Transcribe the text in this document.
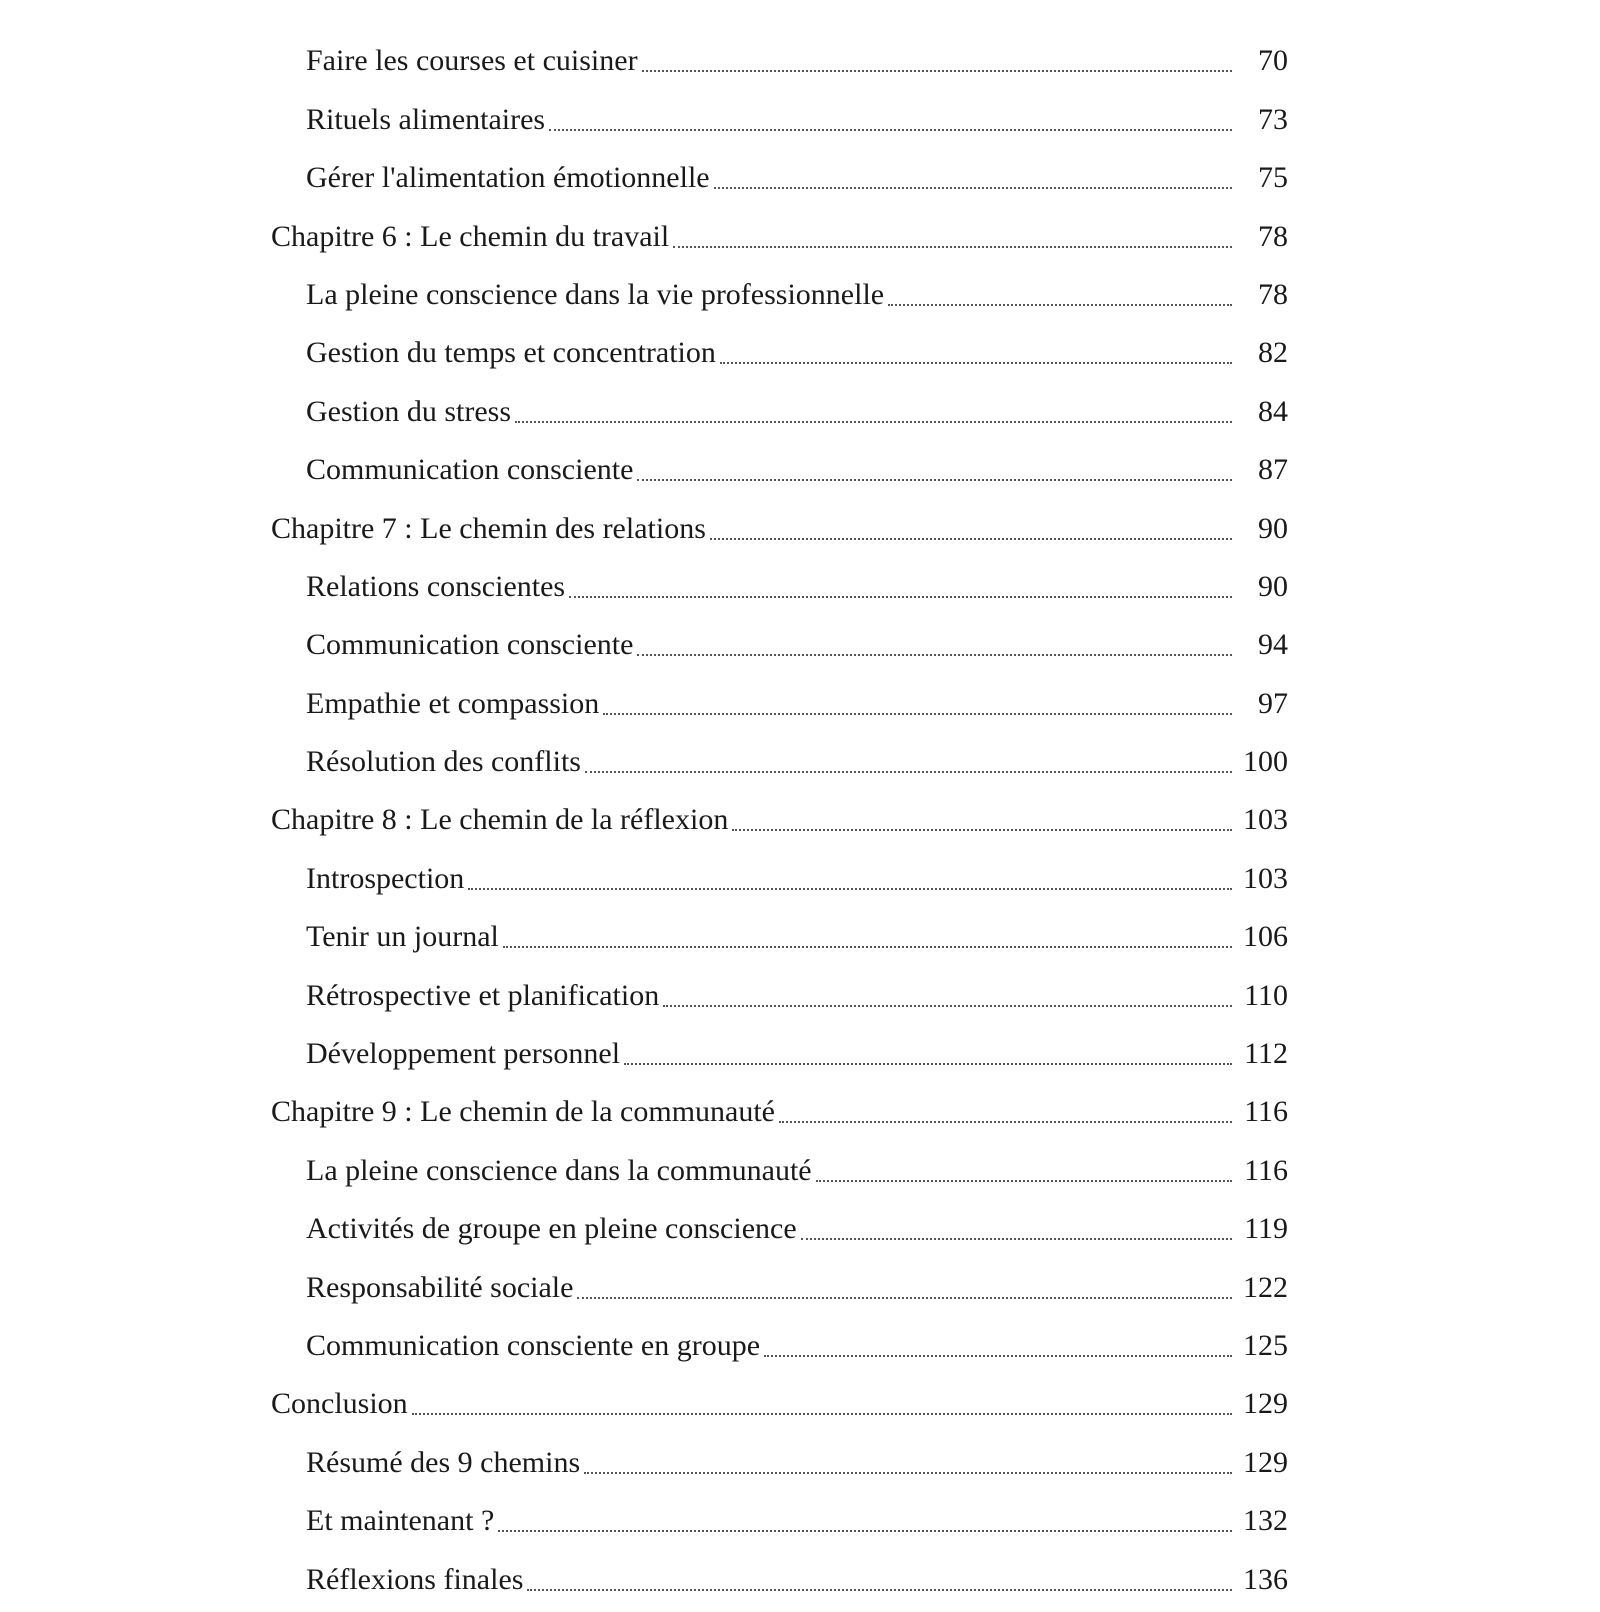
Faire les courses et cuisiner	70
Rituels alimentaires	73
Gérer l'alimentation émotionnelle	75
Chapitre 6 : Le chemin du travail	78
La pleine conscience dans la vie professionnelle	78
Gestion du temps et concentration	82
Gestion du stress	84
Communication consciente	87
Chapitre 7 : Le chemin des relations	90
Relations conscientes	90
Communication consciente	94
Empathie et compassion	97
Résolution des conflits	100
Chapitre 8 : Le chemin de la réflexion	103
Introspection	103
Tenir un journal	106
Rétrospective et planification	110
Développement personnel	112
Chapitre 9 : Le chemin de la communauté	116
La pleine conscience dans la communauté	116
Activités de groupe en pleine conscience	119
Responsabilité sociale	122
Communication consciente en groupe	125
Conclusion	129
Résumé des 9 chemins	129
Et maintenant ?	132
Réflexions finales	136
